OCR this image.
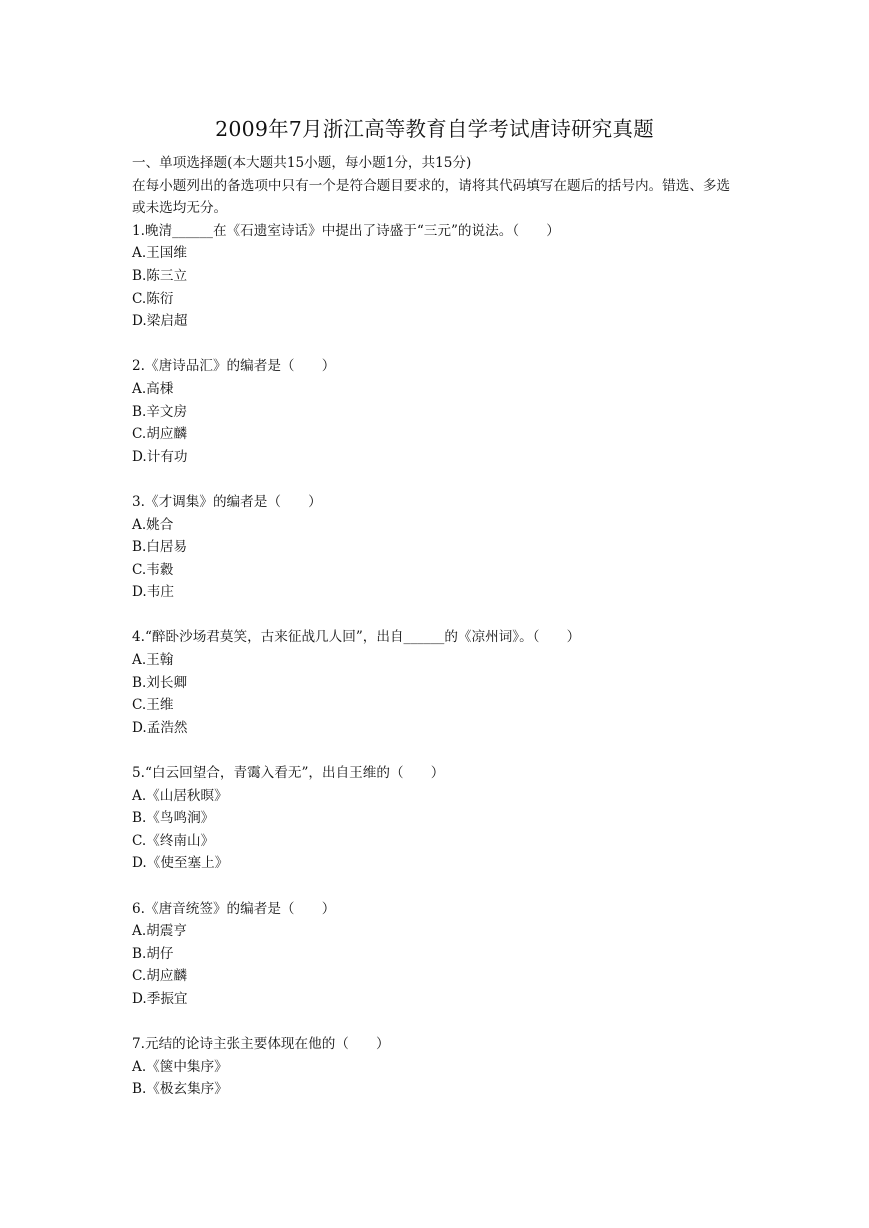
2009年7月浙江高等教育自学考试唐诗研究真题
一、单项选择题(本大题共15小题，每小题1分，共15分)
在每小题列出的备选项中只有一个是符合题目要求的，请将其代码填写在题后的括号内。错选、多选或未选均无分。
1.晚清______在《石遗室诗话》中提出了诗盛于“三元”的说法。（　　）
A.王国维
B.陈三立
C.陈衍
D.梁启超
2.《唐诗品汇》的编者是（　　）
A.高棅
B.辛文房
C.胡应麟
D.计有功
3.《才调集》的编者是（　　）
A.姚合
B.白居易
C.韦縠
D.韦庄
4.“醉卧沙场君莫笑，古来征战几人回”，出自______的《凉州词》。（　　）
A.王翰
B.刘长卿
C.王维
D.孟浩然
5.“白云回望合，青霭入看无”，出自王维的（　　）
A.《山居秋暝》
B.《鸟鸣涧》
C.《终南山》
D.《使至塞上》
6.《唐音统签》的编者是（　　）
A.胡震亨
B.胡仔
C.胡应麟
D.季振宜
7.元结的论诗主张主要体现在他的（　　）
A.《箧中集序》
B.《极玄集序》
